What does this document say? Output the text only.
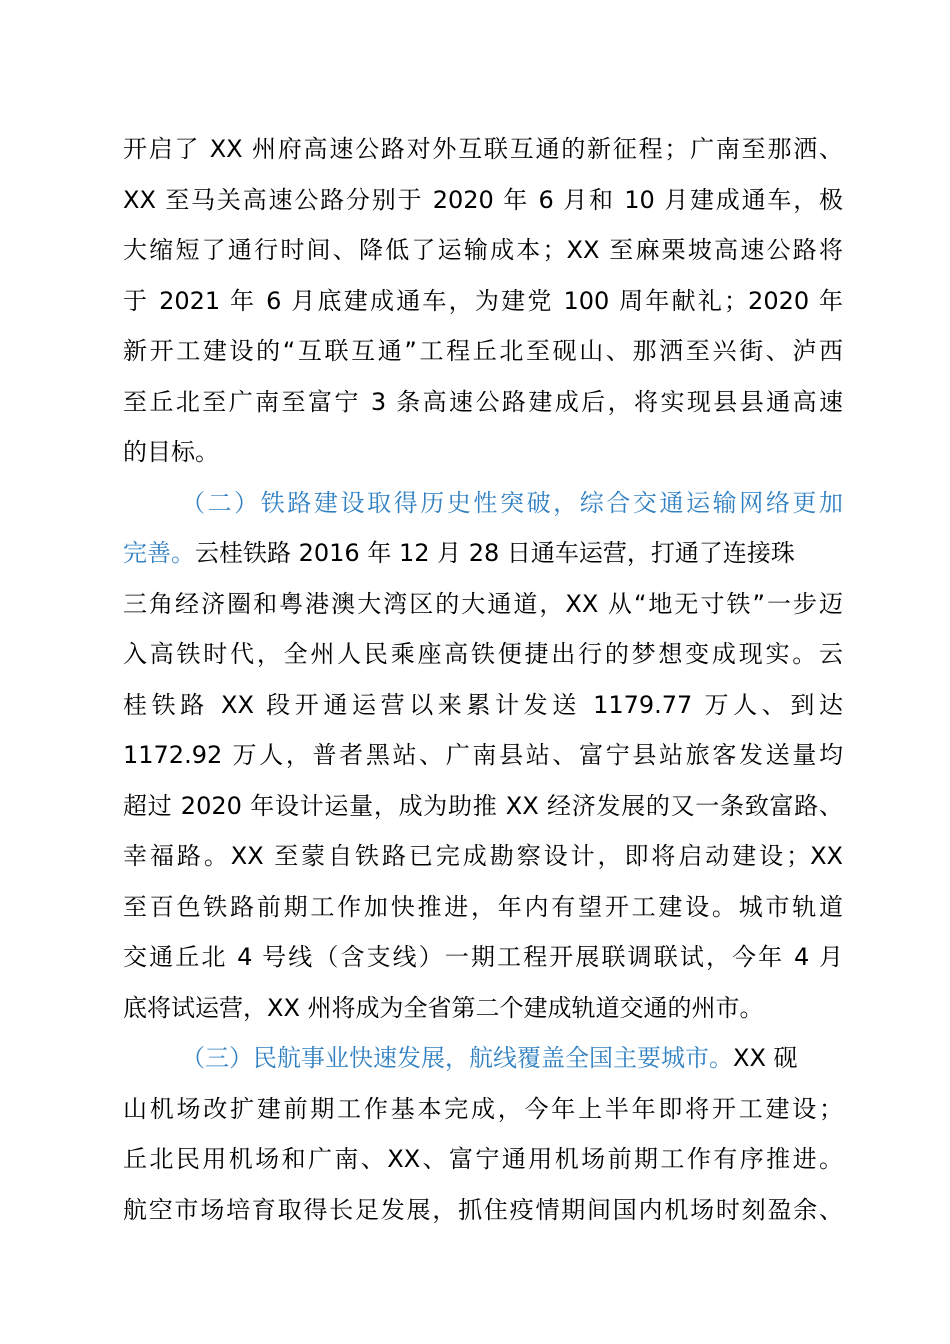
开启了 XX 州府高速公路对外互联互通的新征程；广南至那洒、
XX 至马关高速公路分别于 2020 年 6 月和 10 月建成通车，极
大缩短了通行时间、降低了运输成本；XX 至麻栗坡高速公路将
于 2021 年 6 月底建成通车，为建党 100 周年献礼；2020 年
新开工建设的“互联互通”工程丘北至砚山、那洒至兴街、泸西
至丘北至广南至富宁 3 条高速公路建成后，将实现县县通高速
的目标。
（二）铁路建设取得历史性突破，综合交通运输网络更加
完善。云桂铁路 2016 年 12 月 28 日通车运营，打通了连接珠
三角经济圈和粤港澳大湾区的大通道，XX 从“地无寸铁”一步迈
入高铁时代，全州人民乘座高铁便捷出行的梦想变成现实。云
桂铁路 XX 段开通运营以来累计发送 1179.77 万人、到达
1172.92 万人，普者黑站、广南县站、富宁县站旅客发送量均
超过 2020 年设计运量，成为助推 XX 经济发展的又一条致富路、
幸福路。XX 至蒙自铁路已完成勘察设计，即将启动建设；XX
至百色铁路前期工作加快推进，年内有望开工建设。城市轨道
交通丘北 4 号线（含支线）一期工程开展联调联试，今年 4 月
底将试运营，XX 州将成为全省第二个建成轨道交通的州市。
（三）民航事业快速发展，航线覆盖全国主要城市。XX 砚
山机场改扩建前期工作基本完成，今年上半年即将开工建设；
丘北民用机场和广南、XX、富宁通用机场前期工作有序推进。
航空市场培育取得长足发展，抓住疫情期间国内机场时刻盈余、
